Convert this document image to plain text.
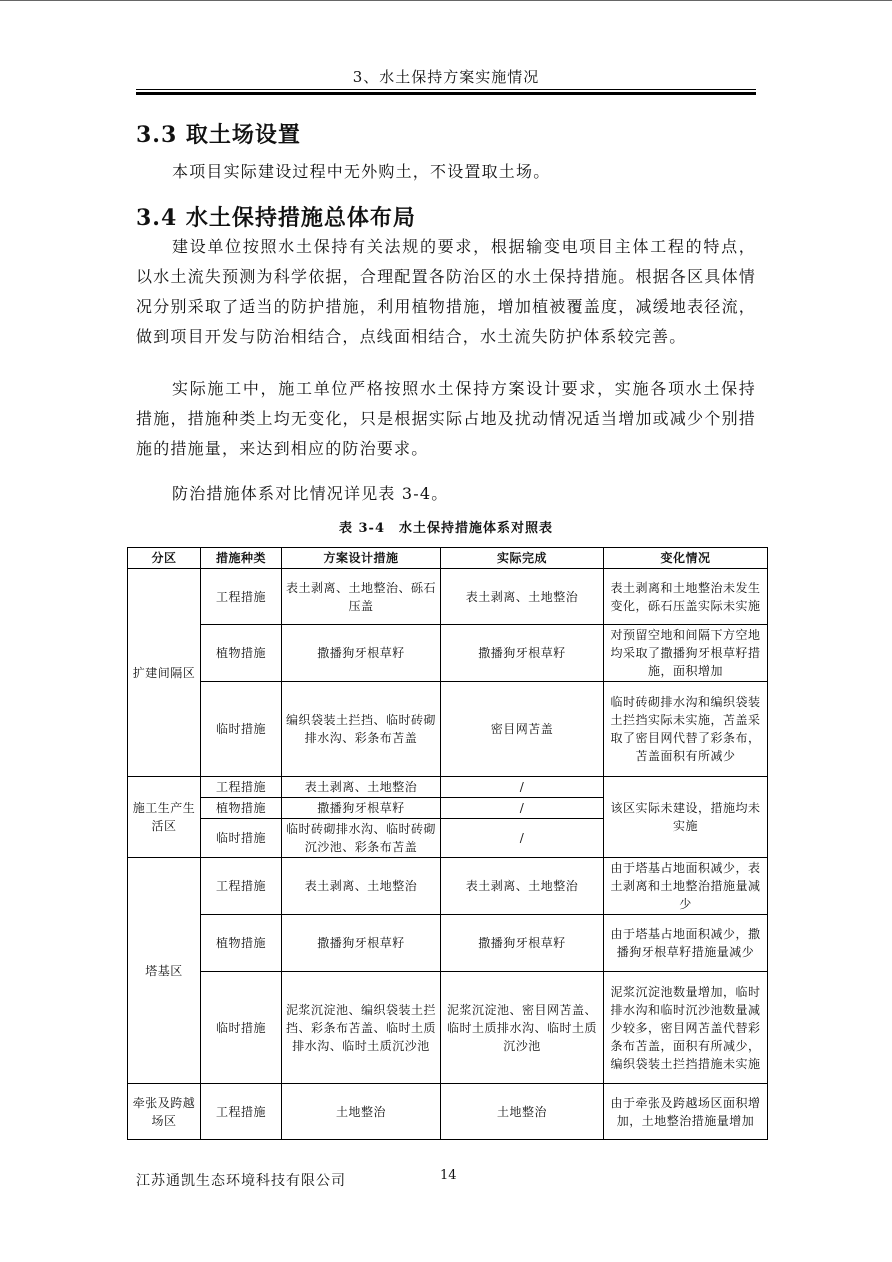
3、水土保持方案实施情况
3.3 取土场设置
本项目实际建设过程中无外购土，不设置取土场。
3.4 水土保持措施总体布局
建设单位按照水土保持有关法规的要求，根据输变电项目主体工程的特点，以水土流失预测为科学依据，合理配置各防治区的水土保持措施。根据各区具体情况分别采取了适当的防护措施，利用植物措施，增加植被覆盖度，减缓地表径流，做到项目开发与防治相结合，点线面相结合，水土流失防护体系较完善。
实际施工中，施工单位严格按照水土保持方案设计要求，实施各项水土保持措施，措施种类上均无变化，只是根据实际占地及扰动情况适当增加或减少个别措施的措施量，来达到相应的防治要求。
防治措施体系对比情况详见表 3-4。
表 3-4　水土保持措施体系对照表
分区	措施种类	方案设计措施	实际完成	变化情况
扩建间隔区	工程措施	表土剥离、土地整治、砾石压盖	表土剥离、土地整治	表土剥离和土地整治未发生变化，砾石压盖实际未实施
	植物措施	撒播狗牙根草籽	撒播狗牙根草籽	对预留空地和间隔下方空地均采取了撒播狗牙根草籽措施，面积增加
	临时措施	编织袋装土拦挡、临时砖砌排水沟、彩条布苫盖	密目网苫盖	临时砖砌排水沟和编织袋装土拦挡实际未实施，苫盖采取了密目网代替了彩条布，苫盖面积有所减少
施工生产生活区	工程措施	表土剥离、土地整治	/	该区实际未建设，措施均未实施
	植物措施	撒播狗牙根草籽	/	
	临时措施	临时砖砌排水沟、临时砖砌沉沙池、彩条布苫盖	/	
塔基区	工程措施	表土剥离、土地整治	表土剥离、土地整治	由于塔基占地面积减少，表土剥离和土地整治措施量减少
	植物措施	撒播狗牙根草籽	撒播狗牙根草籽	由于塔基占地面积减少，撒播狗牙根草籽措施量减少
	临时措施	泥浆沉淀池、编织袋装土拦挡、彩条布苫盖、临时土质排水沟、临时土质沉沙池	泥浆沉淀池、密目网苫盖、临时土质排水沟、临时土质沉沙池	泥浆沉淀池数量增加，临时排水沟和临时沉沙池数量减少较多，密目网苫盖代替彩条布苫盖，面积有所减少，编织袋装土拦挡措施未实施
牵张及跨越场区	工程措施	土地整治	土地整治	由于牵张及跨越场区面积增加，土地整治措施量增加
江苏通凯生态环境科技有限公司	14
